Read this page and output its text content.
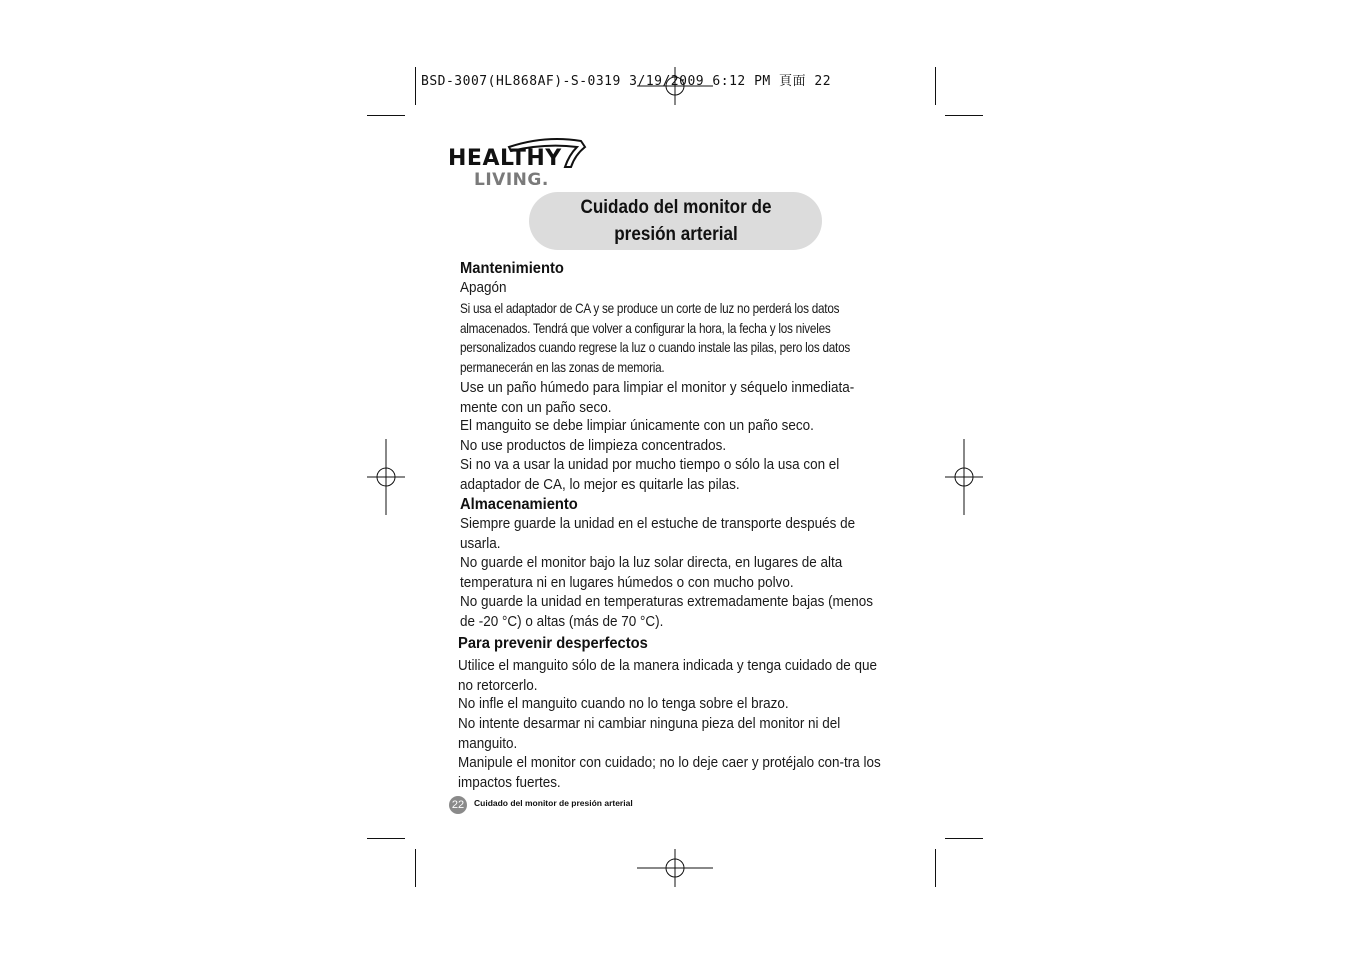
BSD-3007(HL868AF)-S-0319 3/19/2009 6:12 PM 頁面 22
HEALTHY
LIVING.
Cuidado del monitor de presión arterial
Mantenimiento
Apagón
Si usa el adaptador de CA y se produce un corte de luz no perderá los datos almacenados. Tendrá que volver a configurar la hora, la fecha y los niveles personalizados cuando regrese la luz o cuando instale las pilas, pero los datos permanecerán en las zonas de memoria.
Use un paño húmedo para limpiar el monitor y séquelo inmediata-mente con un paño seco.
El manguito se debe limpiar únicamente con un paño seco.
No use productos de limpieza concentrados.
Si no va a usar la unidad por mucho tiempo o sólo la usa con el adaptador de CA, lo mejor es quitarle las pilas.
Almacenamiento
Siempre guarde la unidad en el estuche de transporte después de usarla.
No guarde el monitor bajo la luz solar directa, en lugares de alta temperatura ni en lugares húmedos o con mucho polvo.
No guarde la unidad en temperaturas extremadamente bajas (menos de -20 °C) o altas (más de 70 °C).
Para prevenir desperfectos
Utilice el manguito sólo de la manera indicada y tenga cuidado de que no retorcerlo.
No infle el manguito cuando no lo tenga sobre el brazo.
No intente desarmar ni cambiar ninguna pieza del monitor ni del manguito.
Manipule el monitor con cuidado; no lo deje caer y protéjalo con-tra los impactos fuertes.
22	Cuidado del monitor de presión arterial
